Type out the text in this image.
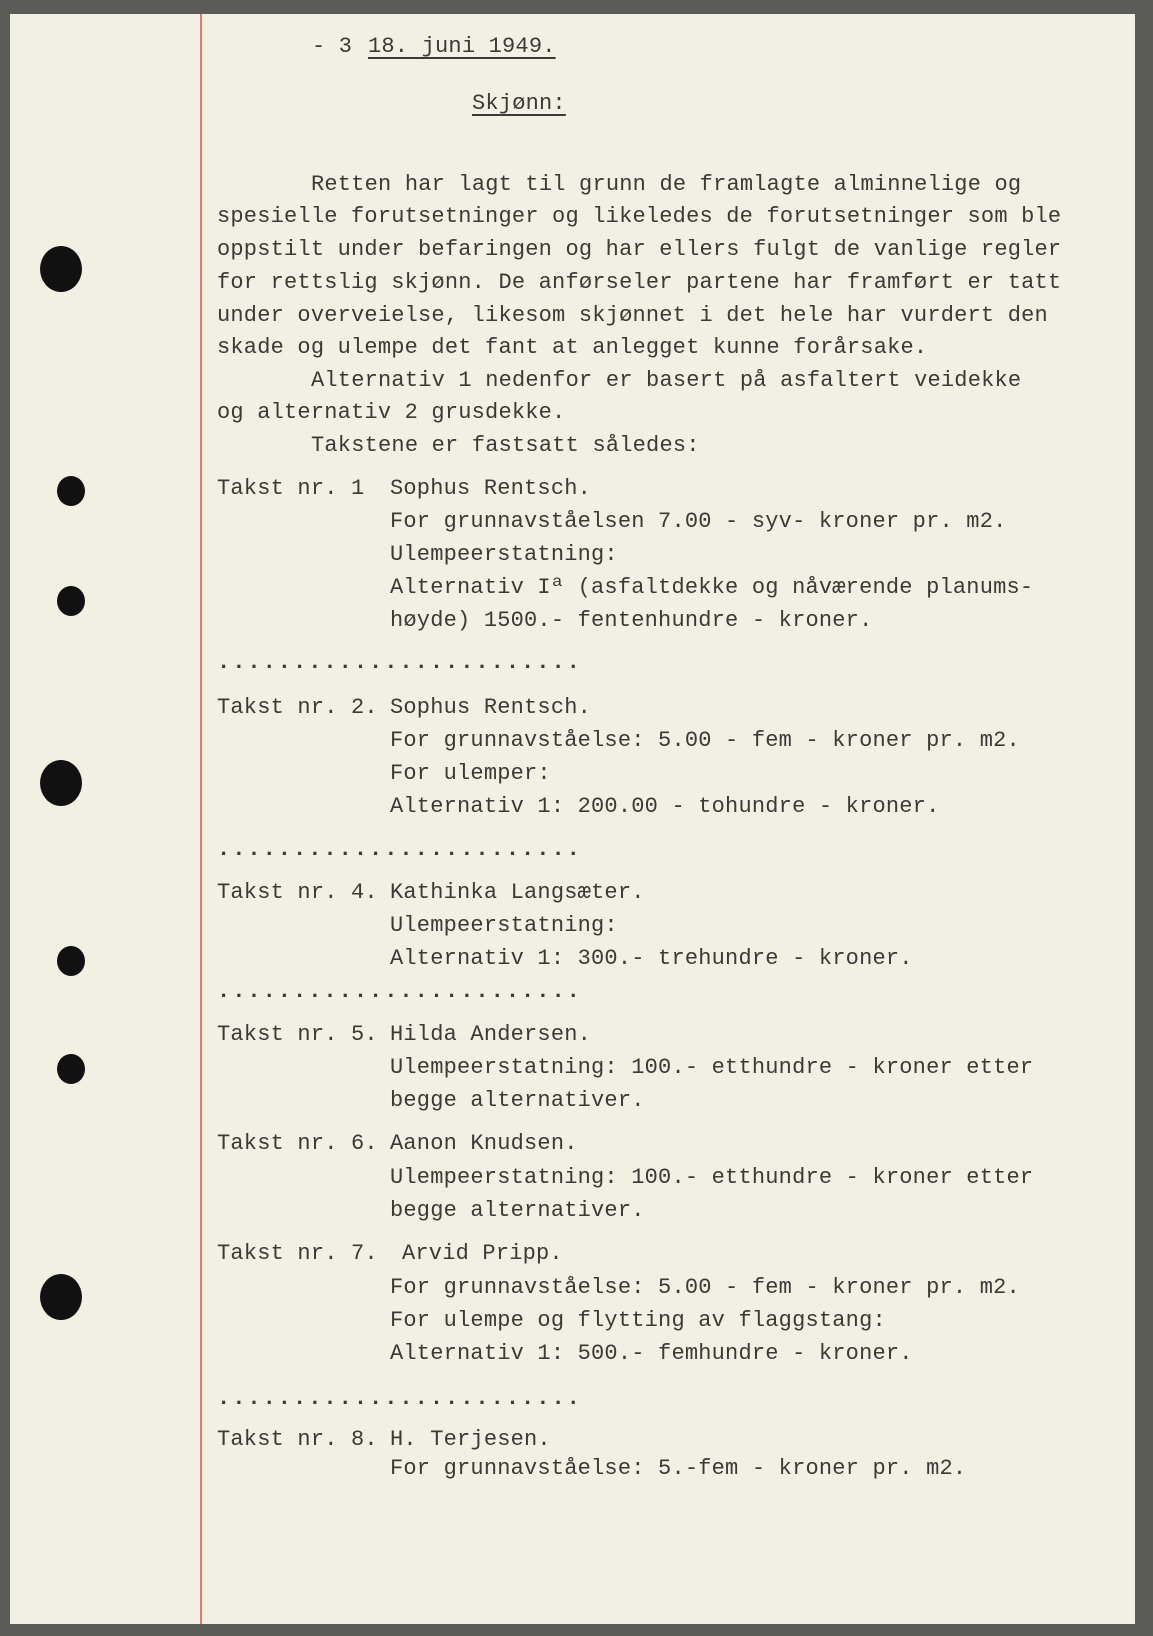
- 3 18. juni 1949.
Skjønn:
Retten har lagt til grunn de framlagte alminnelige og
spesielle forutsetninger og likeledes de forutsetninger som ble
oppstilt under befaringen og har ellers fulgt de vanlige regler
for rettslig skjønn. De anførseler partene har framført er tatt
under overveielse, likesom skjønnet i det hele har vurdert den
skade og ulempe det fant at anlegget kunne forårsake.
Alternativ 1 nedenfor er basert på asfaltert veidekke
og alternativ 2 grusdekke.
Takstene er fastsatt således:
Takst nr. 1 Sophus Rentsch.
For grunnavståelsen 7.00 - syv- kroner pr. m2.
Ulempeerstatning:
Alternativ Iª (asfaltdekke og nåværende planums-
høyde) 1500.- fentenhundre - kroner.
........................
Takst nr. 2. Sophus Rentsch.
For grunnavståelse: 5.00 - fem - kroner pr. m2.
For ulemper:
Alternativ 1: 200.00 - tohundre - kroner.
........................
Takst nr. 4. Kathinka Langsæter.
Ulempeerstatning:
Alternativ 1: 300.- trehundre - kroner.
........................
Takst nr. 5. Hilda Andersen.
Ulempeerstatning: 100.- etthundre - kroner etter
begge alternativer.
Takst nr. 6. Aanon Knudsen.
Ulempeerstatning: 100.- etthundre - kroner etter
begge alternativer.
Takst nr. 7. Arvid Pripp.
For grunnavståelse: 5.00 - fem - kroner pr. m2.
For ulempe og flytting av flaggstang:
Alternativ 1: 500.- femhundre - kroner.
........................
Takst nr. 8. H. Terjesen.
For grunnavståelse: 5.-fem - kroner pr. m2.
